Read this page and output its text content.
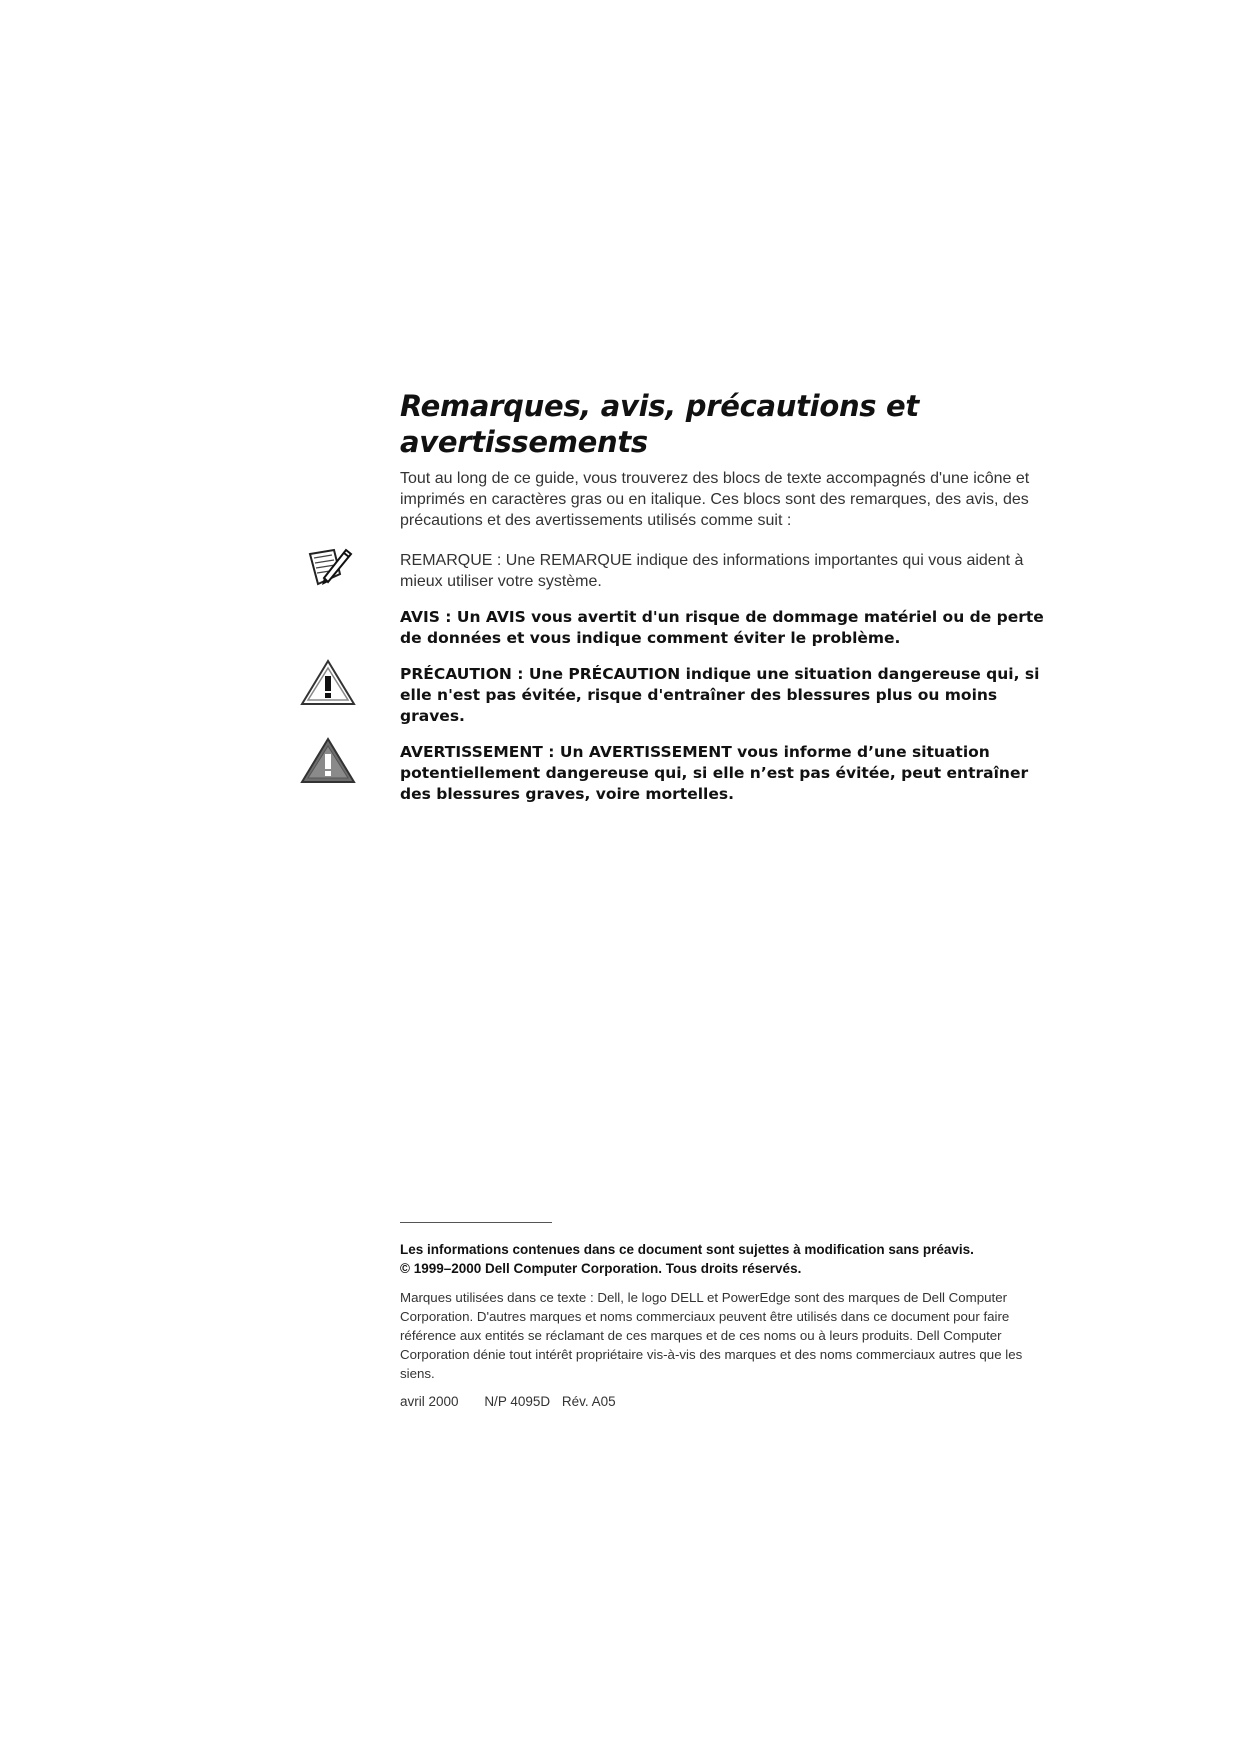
Remarques, avis, précautions et avertissements

Tout au long de ce guide, vous trouverez des blocs de texte accompagnés d'une icône et imprimés en caractères gras ou en italique. Ces blocs sont des remarques, des avis, des précautions et des avertissements utilisés comme suit :

REMARQUE : Une REMARQUE indique des informations importantes qui vous aident à mieux utiliser votre système.
AVIS : Un AVIS vous avertit d'un risque de dommage matériel ou de perte de données et vous indique comment éviter le problème.
PRÉCAUTION : Une PRÉCAUTION indique une situation dangereuse qui, si elle n'est pas évitée, risque d'entraîner des blessures plus ou moins graves.
AVERTISSEMENT : Un AVERTISSEMENT vous informe d’une situation potentiellement dangereuse qui, si elle n’est pas évitée, peut entraîner des blessures graves, voire mortelles.
Les informations contenues dans ce document sont sujettes à modification sans préavis.
© 1999–2000 Dell Computer Corporation. Tous droits réservés.
Marques utilisées dans ce texte : Dell, le logo DELL et PowerEdge sont des marques de Dell Computer Corporation. D'autres marques et noms commerciaux peuvent être utilisés dans ce document pour faire référence aux entités se réclamant de ces marques et de ces noms ou à leurs produits. Dell Computer Corporation dénie tout intérêt propriétaire vis-à-vis des marques et des noms commerciaux autres que les siens.
avril 2000 N/P 4095D Rév. A05
